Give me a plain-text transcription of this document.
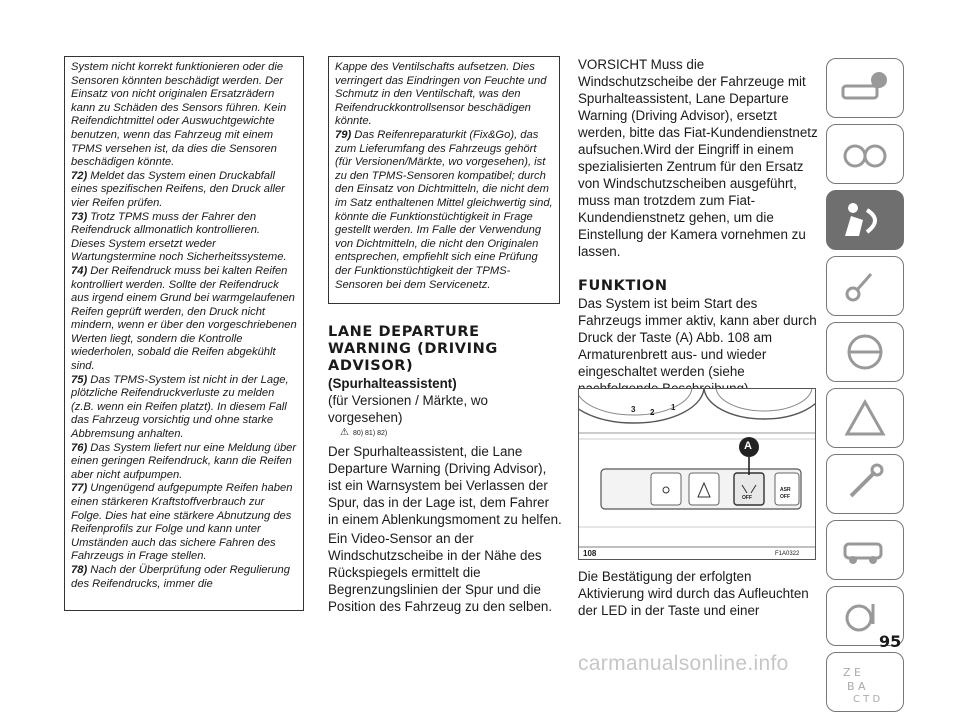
System nicht korrekt funktionieren oder die Sensoren könnten beschädigt werden. Der Einsatz von nicht originalen Ersatzrädern kann zu Schäden des Sensors führen. Kein Reifendichtmittel oder Auswuchtgewichte benutzen, wenn das Fahrzeug mit einem TPMS versehen ist, da dies die Sensoren beschädigen könnte.

72) Meldet das System einen Druckabfall eines spezifischen Reifens, den Druck aller vier Reifen prüfen.

73) Trotz TPMS muss der Fahrer den Reifendruck allmonatlich kontrollieren. Dieses System ersetzt weder Wartungstermine noch Sicherheitssysteme.

74) Der Reifendruck muss bei kalten Reifen kontrolliert werden. Sollte der Reifendruck aus irgend einem Grund bei warmgelaufenen Reifen geprüft werden, den Druck nicht mindern, wenn er über den vorgeschriebenen Werten liegt, sondern die Kontrolle wiederholen, sobald die Reifen abgekühlt sind.

75) Das TPMS-System ist nicht in der Lage, plötzliche Reifendruckverluste zu melden (z.B. wenn ein Reifen platzt). In diesem Fall das Fahrzeug vorsichtig und ohne starke Abbremsung anhalten.

76) Das System liefert nur eine Meldung über einen geringen Reifendruck, kann die Reifen aber nicht aufpumpen.

77) Ungenügend aufgepumpte Reifen haben einen stärkeren Kraftstoffverbrauch zur Folge. Dies hat eine stärkere Abnutzung des Reifenprofils zur Folge und kann unter Umständen auch das sichere Fahren des Fahrzeugs in Frage stellen.

78) Nach der Überprüfung oder Regulierung des Reifendrucks, immer die

Kappe des Ventilschafts aufsetzen. Dies verringert das Eindringen von Feuchte und Schmutz in den Ventilschaft, was den Reifendruckkontrollsensor beschädigen könnte.

79) Das Reifenreparaturkit (Fix&Go), das zum Lieferumfang des Fahrzeugs gehört (für Versionen/Märkte, wo vorgesehen), ist zu den TPMS-Sensoren kompatibel; durch den Einsatz von Dichtmitteln, die nicht dem im Satz enthaltenen Mittel gleichwertig sind, könnte die Funktionstüchtigkeit in Frage gestellt werden. Im Falle der Verwendung von Dichtmitteln, die nicht den Originalen entsprechen, empfiehlt sich eine Prüfung der Funktionstüchtigkeit der TPMS-Sensoren bei dem Servicenetz.

LANE DEPARTURE WARNING (DRIVING ADVISOR)
(Spurhalteassistent)

(für Versionen / Märkte, wo vorgesehen)

⚠ 80) 81) 82)

Der Spurhalteassistent, die Lane Departure Warning (Driving Advisor), ist ein Warnsystem bei Verlassen der Spur, das in der Lage ist, dem Fahrer in einem Ablenkungsmoment zu helfen.

Ein Video-Sensor an der Windschutzscheibe in der Nähe des Rückspiegels ermittelt die Begrenzungslinien der Spur und die Position des Fahrzeug zu den selben.

VORSICHT Muss die Windschutzscheibe der Fahrzeuge mit Spurhalteassistent, Lane Departure Warning (Driving Advisor), ersetzt werden, bitte das Fiat-Kundendienstnetz aufsuchen.Wird der Eingriff in einem spezialisierten Zentrum für den Ersatz von Windschutzscheiben ausgeführt, muss man trotzdem zum Fiat-Kundendienstnetz gehen, um die Einstellung der Kamera vornehmen zu lassen.

FUNKTION

Das System ist beim Start des Fahrzeugs immer aktiv, kann aber durch Druck der Taste (A) Abb. 108 am Armaturenbrett aus- und wieder eingeschaltet werden (siehe

3 2
1
A
OFF
ASR
OFF
108	F1A0322

Die Bestätigung der erfolgten Aktivierung wird durch das Aufleuchten der LED in der Taste und einer

Z E
B A
C T D
95
carmanualsonline.info
